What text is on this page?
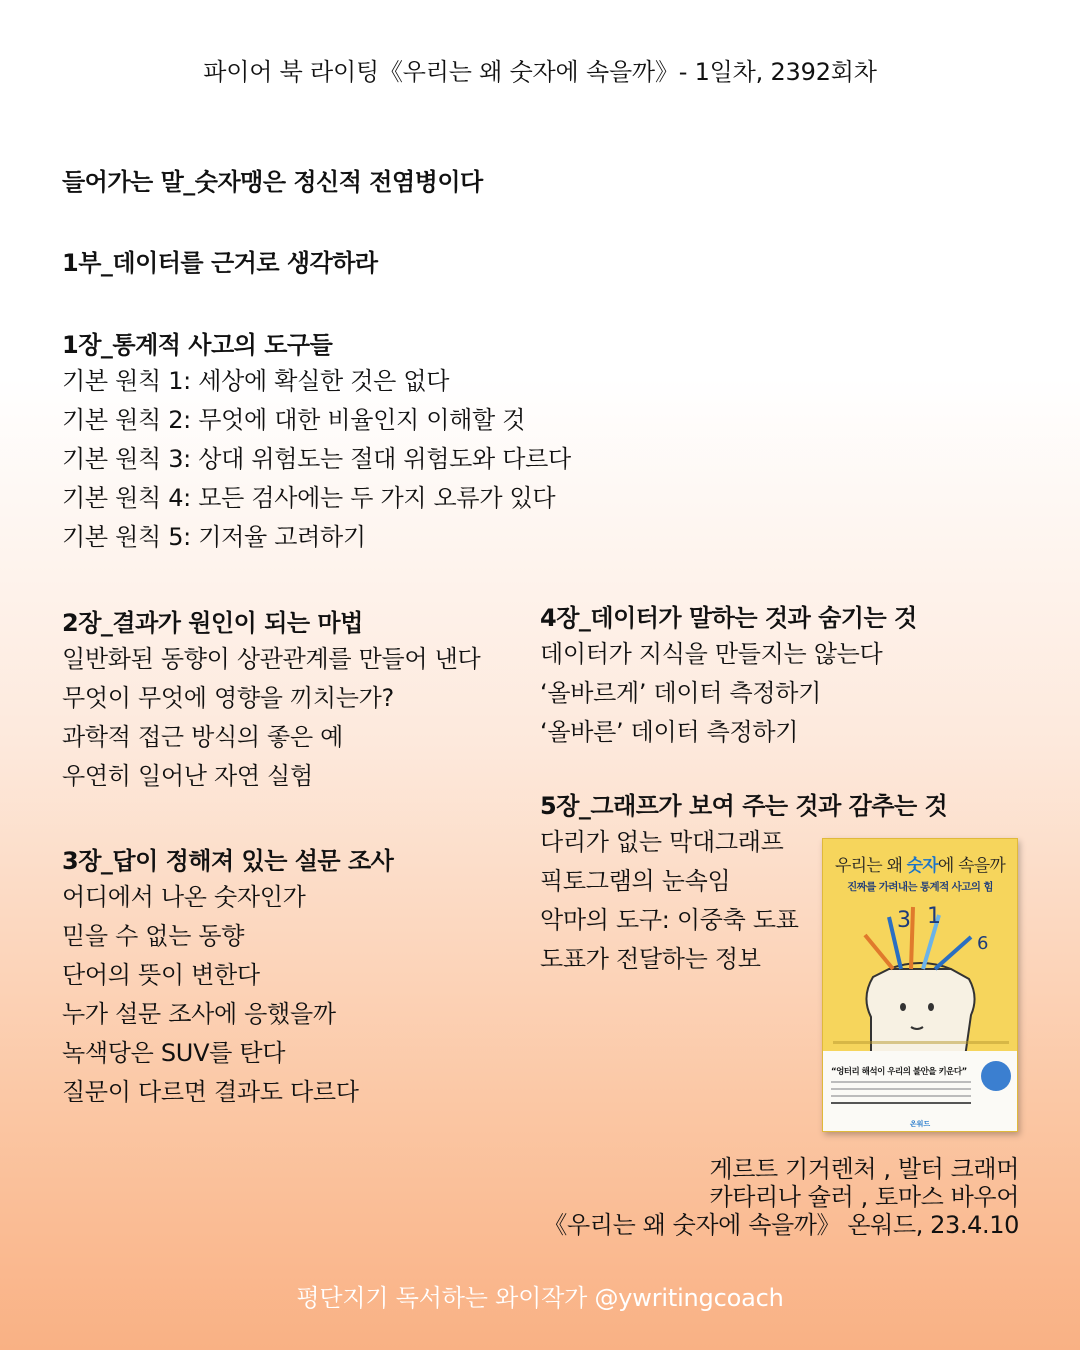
파이어 북 라이팅《우리는 왜 숫자에 속을까》- 1일차, 2392회차
들어가는 말_숫자맹은 정신적 전염병이다
1부_데이터를 근거로 생각하라
1장_통계적 사고의 도구들
기본 원칙 1: 세상에 확실한 것은 없다
기본 원칙 2: 무엇에 대한 비율인지 이해할 것
기본 원칙 3: 상대 위험도는 절대 위험도와 다르다
기본 원칙 4: 모든 검사에는 두 가지 오류가 있다
기본 원칙 5: 기저율 고려하기
2장_결과가 원인이 되는 마법
일반화된 동향이 상관관계를 만들어 낸다
무엇이 무엇에 영향을 끼치는가?
과학적 접근 방식의 좋은 예
우연히 일어난 자연 실험
3장_답이 정해져 있는 설문 조사
어디에서 나온 숫자인가
믿을 수 없는 동향
단어의 뜻이 변한다
누가 설문 조사에 응했을까
녹색당은 SUV를 탄다
질문이 다르면 결과도 다르다
4장_데이터가 말하는 것과 숨기는 것
데이터가 지식을 만들지는 않는다
‘올바르게’ 데이터 측정하기
‘올바른’ 데이터 측정하기
5장_그래프가 보여 주는 것과 감추는 것
다리가 없는 막대그래프
픽토그램의 눈속임
악마의 도구: 이중축 도표
도표가 전달하는 정보
우리는 왜 숫자에 속을까
진짜를 가려내는 통계적 사고의 힘
3 1
6
“엉터리 해석이 우리의 불안을 키운다”
온워드
게르트 기거렌처 , 발터 크래머
카타리나 슐러 , 토마스 바우어
《우리는 왜 숫자에 속을까》 온워드, 23.4.10
평단지기 독서하는 와이작가 @ywritingcoach
